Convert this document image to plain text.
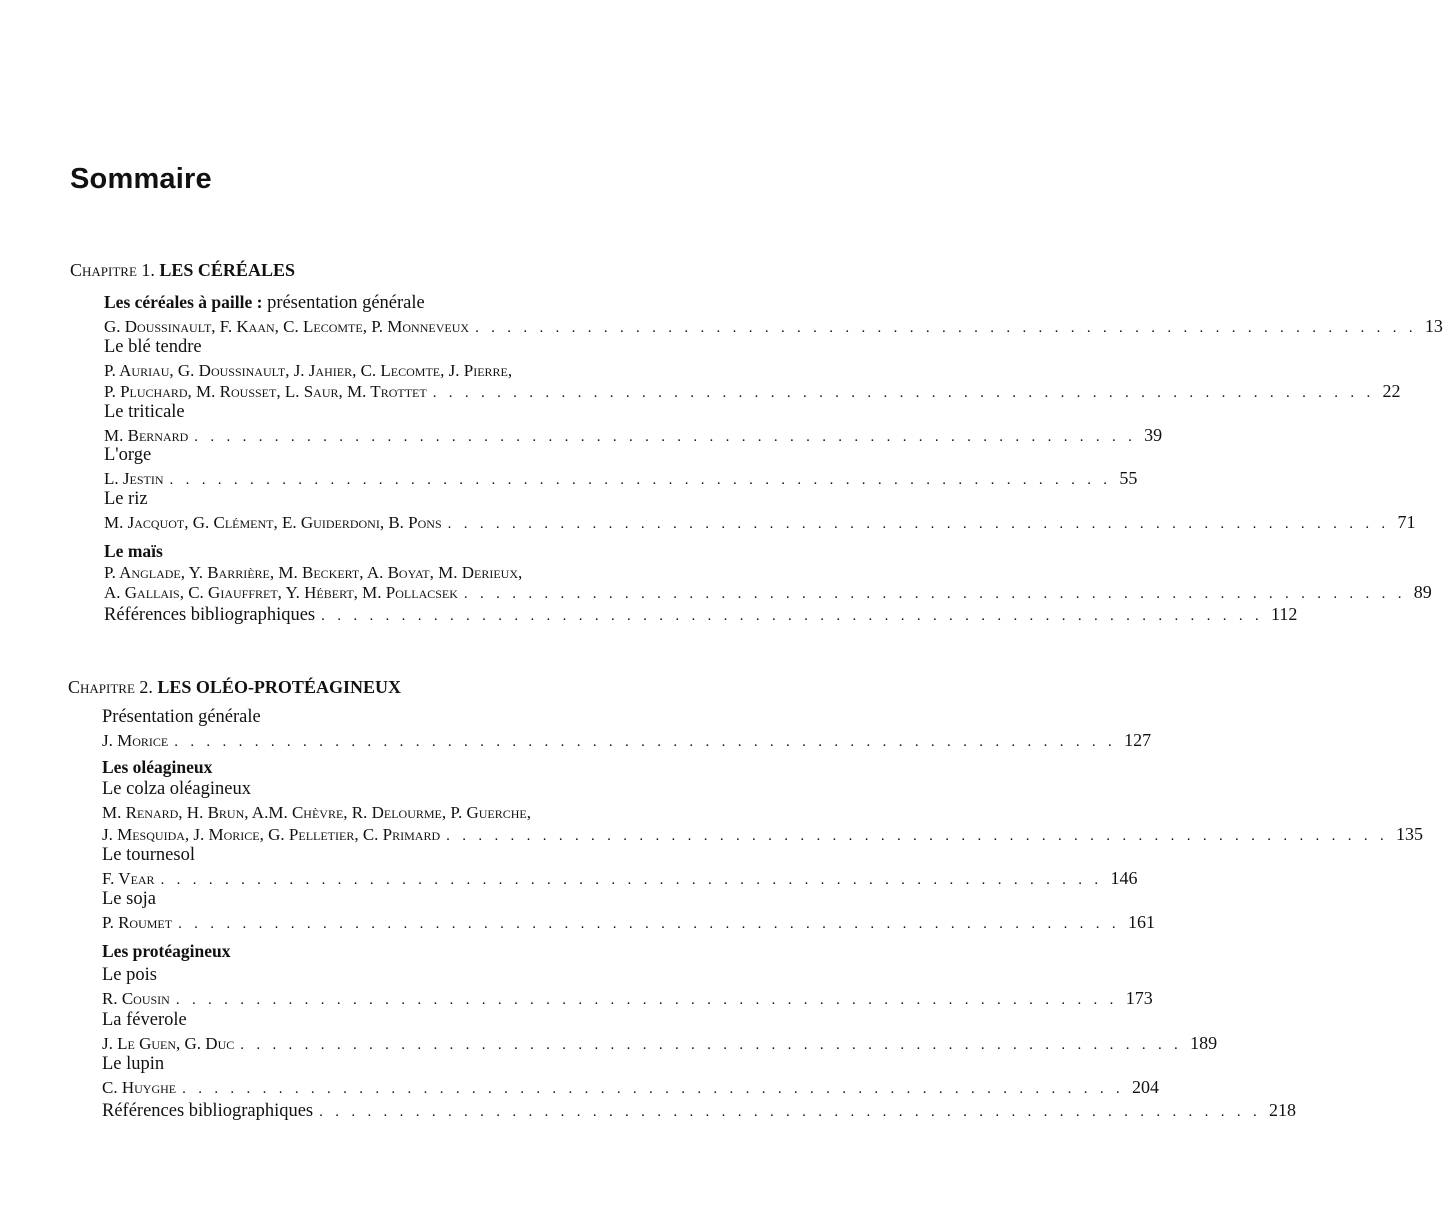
Sommaire
Chapitre 1. LES CÉRÉALES
Les céréales à paille : présentation générale
G. Doussinault, F. Kaan, C. Lecomte, P. Monneveux . . . . . . . . . . . . . . . . . . . . . . . . . . . . . . . . . . . . . . . . . . . . . . . . . . . . . . . . . . . 13
Le blé tendre
P. Auriau, G. Doussinault, J. Jahier, C. Lecomte, J. Pierre,
P. Pluchard, M. Rousset, L. Saur, M. Trottet . . . . . . . . . . . . . . . . . . . . . . . . . . . . . . . . . . . . . . . . . . . . . . . . . . . . . . . . . . . 22
Le triticale
M. Bernard . . . . . . . . . . . . . . . . . . . . . . . . . . . . . . . . . . . . . . . . . . . . . . . . . . . . . . . . . . . 39
L'orge
L. Jestin . . . . . . . . . . . . . . . . . . . . . . . . . . . . . . . . . . . . . . . . . . . . . . . . . . . . . . . . . . . 55
Le riz
M. Jacquot, G. Clément, E. Guiderdoni, B. Pons . . . . . . . . . . . . . . . . . . . . . . . . . . . . . . . . . . . . . . . . . . . . . . . . . . . . . . . . . . . 71
Le maïs
P. Anglade, Y. Barrière, M. Beckert, A. Boyat, M. Derieux,
A. Gallais, C. Giauffret, Y. Hébert, M. Pollacsek . . . . . . . . . . . . . . . . . . . . . . . . . . . . . . . . . . . . . . . . . . . . . . . . . . . . . . . . . . . 89
Références bibliographiques . . . . . . . . . . . . . . . . . . . . . . . . . . . . . . . . . . . . . . . . . . . . . . . . . . . . . . . . . . . 112
Chapitre 2. LES OLÉO-PROTÉAGINEUX
Présentation générale
J. Morice . . . . . . . . . . . . . . . . . . . . . . . . . . . . . . . . . . . . . . . . . . . . . . . . . . . . . . . . . . . 127
Les oléagineux
Le colza oléagineux
M. Renard, H. Brun, A.M. Chèvre, R. Delourme, P. Guerche,
J. Mesquida, J. Morice, G. Pelletier, C. Primard . . . . . . . . . . . . . . . . . . . . . . . . . . . . . . . . . . . . . . . . . . . . . . . . . . . . . . . . . . . 135
Le tournesol
F. Vear . . . . . . . . . . . . . . . . . . . . . . . . . . . . . . . . . . . . . . . . . . . . . . . . . . . . . . . . . . . 146
Le soja
P. Roumet . . . . . . . . . . . . . . . . . . . . . . . . . . . . . . . . . . . . . . . . . . . . . . . . . . . . . . . . . . . 161
Les protéagineux
Le pois
R. Cousin . . . . . . . . . . . . . . . . . . . . . . . . . . . . . . . . . . . . . . . . . . . . . . . . . . . . . . . . . . . 173
La féverole
J. Le Guen, G. Duc . . . . . . . . . . . . . . . . . . . . . . . . . . . . . . . . . . . . . . . . . . . . . . . . . . . . . . . . . . . 189
Le lupin
C. Huyghe . . . . . . . . . . . . . . . . . . . . . . . . . . . . . . . . . . . . . . . . . . . . . . . . . . . . . . . . . . . 204
Références bibliographiques . . . . . . . . . . . . . . . . . . . . . . . . . . . . . . . . . . . . . . . . . . . . . . . . . . . . . . . . . . . 218
